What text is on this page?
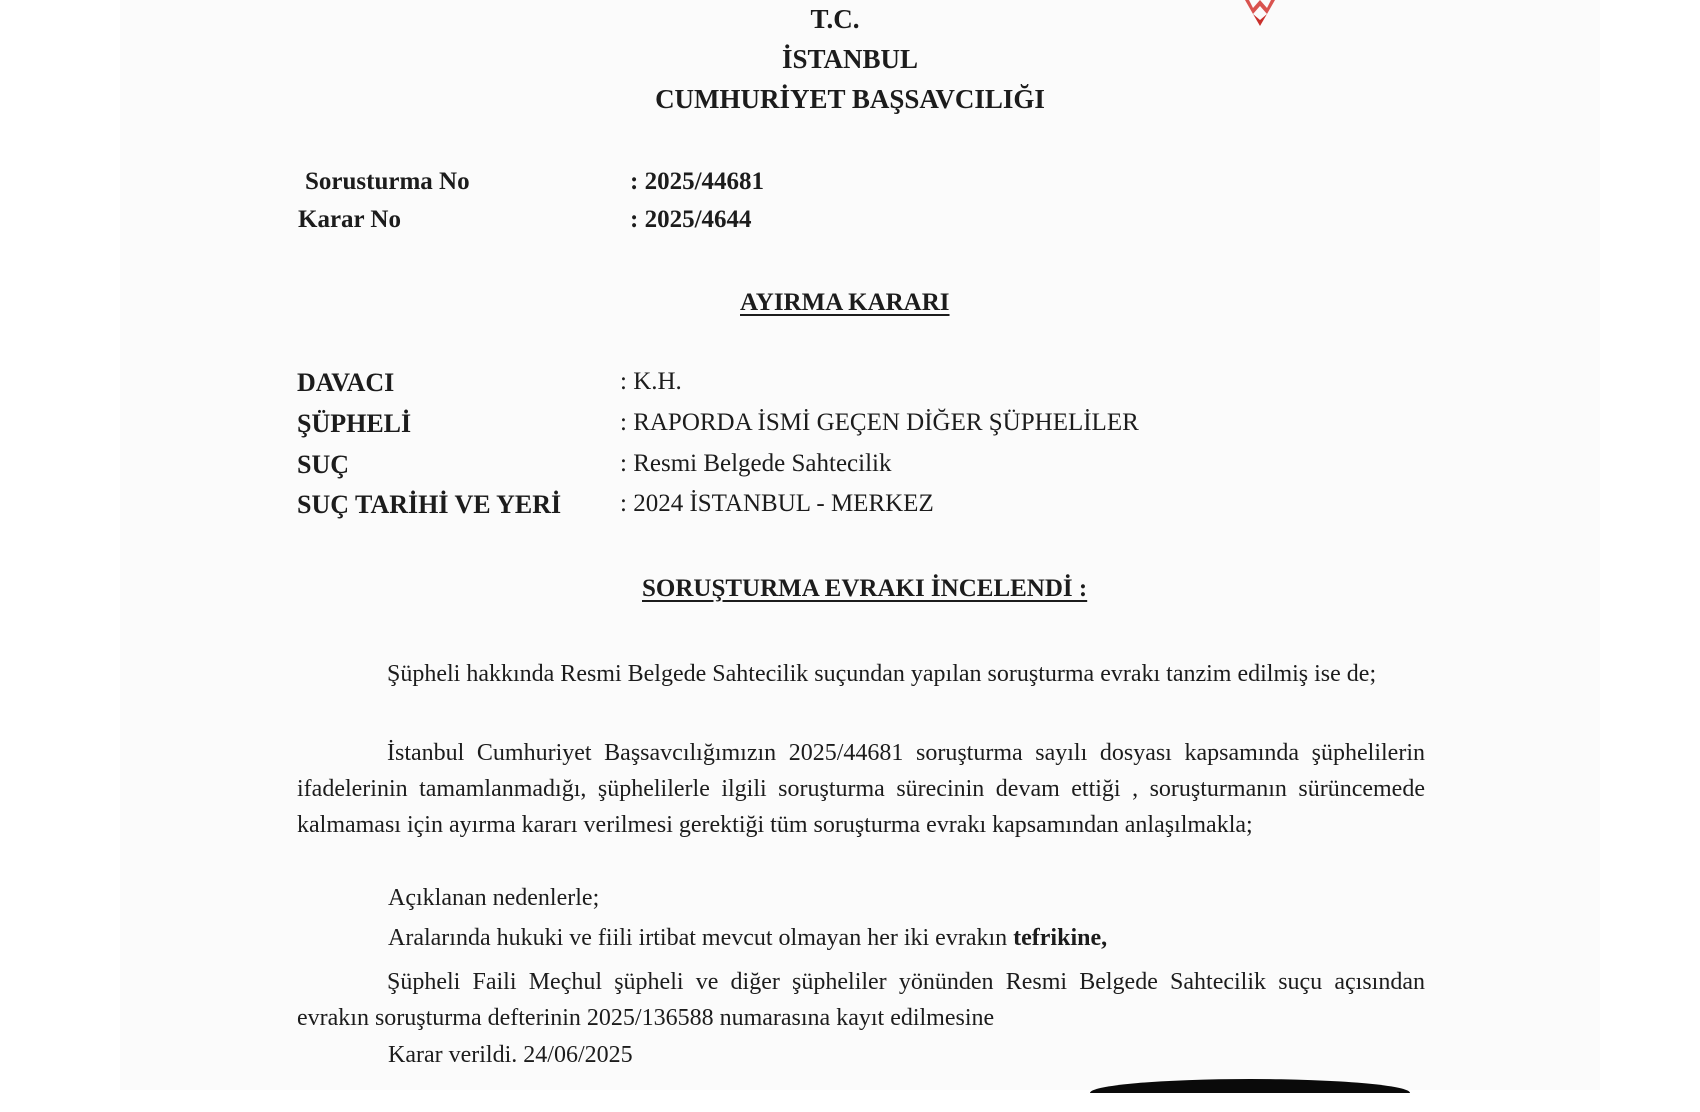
T.C.
İSTANBUL
CUMHURİYET BAŞSAVCILIĞI
Sorusturma No	: 2025/44681
Karar No	: 2025/4644
AYIRMA KARARI
DAVACI	: K.H.
ŞÜPHELİ	: RAPORDA İSMİ GEÇEN DİĞER ŞÜPHELİLER
SUÇ	: Resmi Belgede Sahtecilik
SUÇ TARİHİ VE YERİ : 2024 İSTANBUL - MERKEZ
SORUŞTURMA EVRAKI İNCELENDİ :
Şüpheli hakkında Resmi Belgede Sahtecilik suçundan yapılan soruşturma evrakı tanzim edilmiş ise de;
İstanbul Cumhuriyet Başsavcılığımızın 2025/44681 soruşturma sayılı dosyası kapsamında şüphelilerin ifadelerinin tamamlanmadığı, şüphelilerle ilgili soruşturma sürecinin devam ettiği , soruşturmanın sürüncemede kalmaması için ayırma kararı verilmesi gerektiği tüm soruşturma evrakı kapsamından anlaşılmakla;
Açıklanan nedenlerle;
Aralarında hukuki ve fiili irtibat mevcut olmayan her iki evrakın tefrikine,
Şüpheli Faili Meçhul şüpheli ve diğer şüpheliler yönünden Resmi Belgede Sahtecilik suçu açısından evrakın soruşturma defterinin 2025/136588 numarasına kayıt edilmesine
Karar verildi. 24/06/2025
